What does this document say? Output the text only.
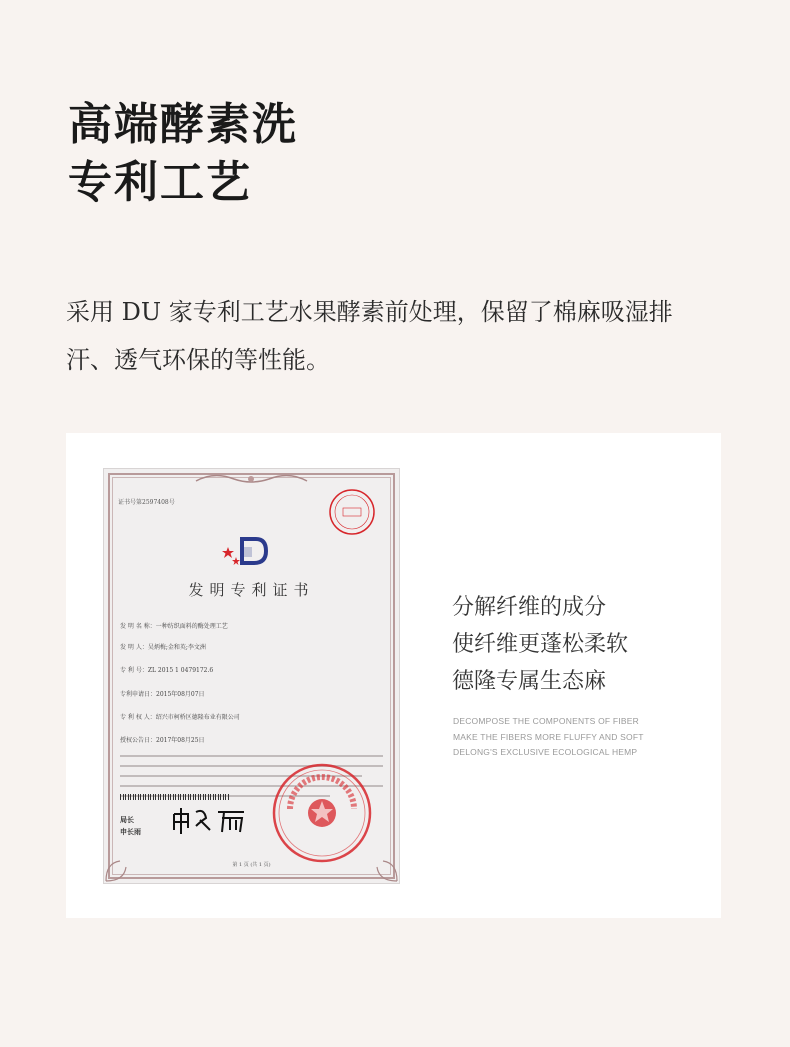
高端酵素洗
专利工艺
采用 DU 家专利工艺水果酵素前处理，保留了棉麻吸湿排
汗、透气环保的等性能。
证书号第2597408号
发明专利证书
发 明 名 称：一种纺织面料的酶处理工艺
发 明 人：吴炳梅;金和英;李文洲
专 利 号：ZL 2015 1 0479172.6
专利申请日：2015年08月07日
专 利 权 人：绍兴市柯桥区德隆布业有限公司
授权公告日：2017年08月25日
局长
申长雨
第 1 页 (共 1 页)
分解纤维的成分
使纤维更蓬松柔软
德隆专属生态麻
DECOMPOSE THE COMPONENTS OF FIBER
MAKE THE FIBERS MORE FLUFFY AND SOFT
DELONG'S EXCLUSIVE ECOLOGICAL HEMP
